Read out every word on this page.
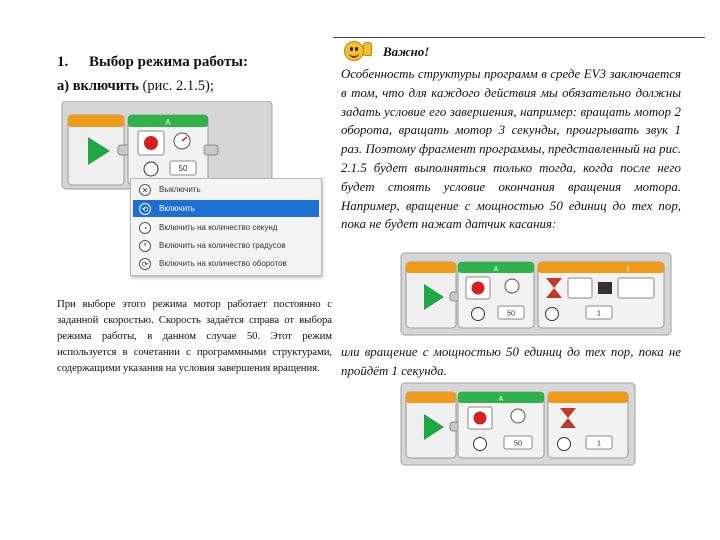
1. Выбор режима работы:
а) включить (рис. 2.1.5);
A
50
✕	Выключить
⟲	Включить
◔	Включить на количество секунд
°	Включить на количество градусов
⟳	Включить на количество оборотов
При выборе этого режима мотор работает постоянно с заданной скоростью. Скорость задаётся справа от выбора режима работы, в данном случае 50. Этот режим используется в сочетании с программными структурами, содержащими указания на условия завершения вращения.
Важно!
Особенность структуры программ в среде EV3 заключается в том, что для каждого действия мы обязательно должны задать условие его завершения, например: вращать мотор 2 оборота, вращать мотор 3 секунды, проигрывать звук 1 раз. Поэтому фрагмент программы, представленный на рис. 2.1.5 будет выполняться только тогда, когда после него будет стоять условие окончания вращения мотора. Например, вращение с мощностью 50 единиц до тех пор, пока не будет нажат датчик касания:
A
50
1
1
или вращение с мощностью 50 единиц до тех пор, пока не пройдёт 1 секунда.
A
50	1
